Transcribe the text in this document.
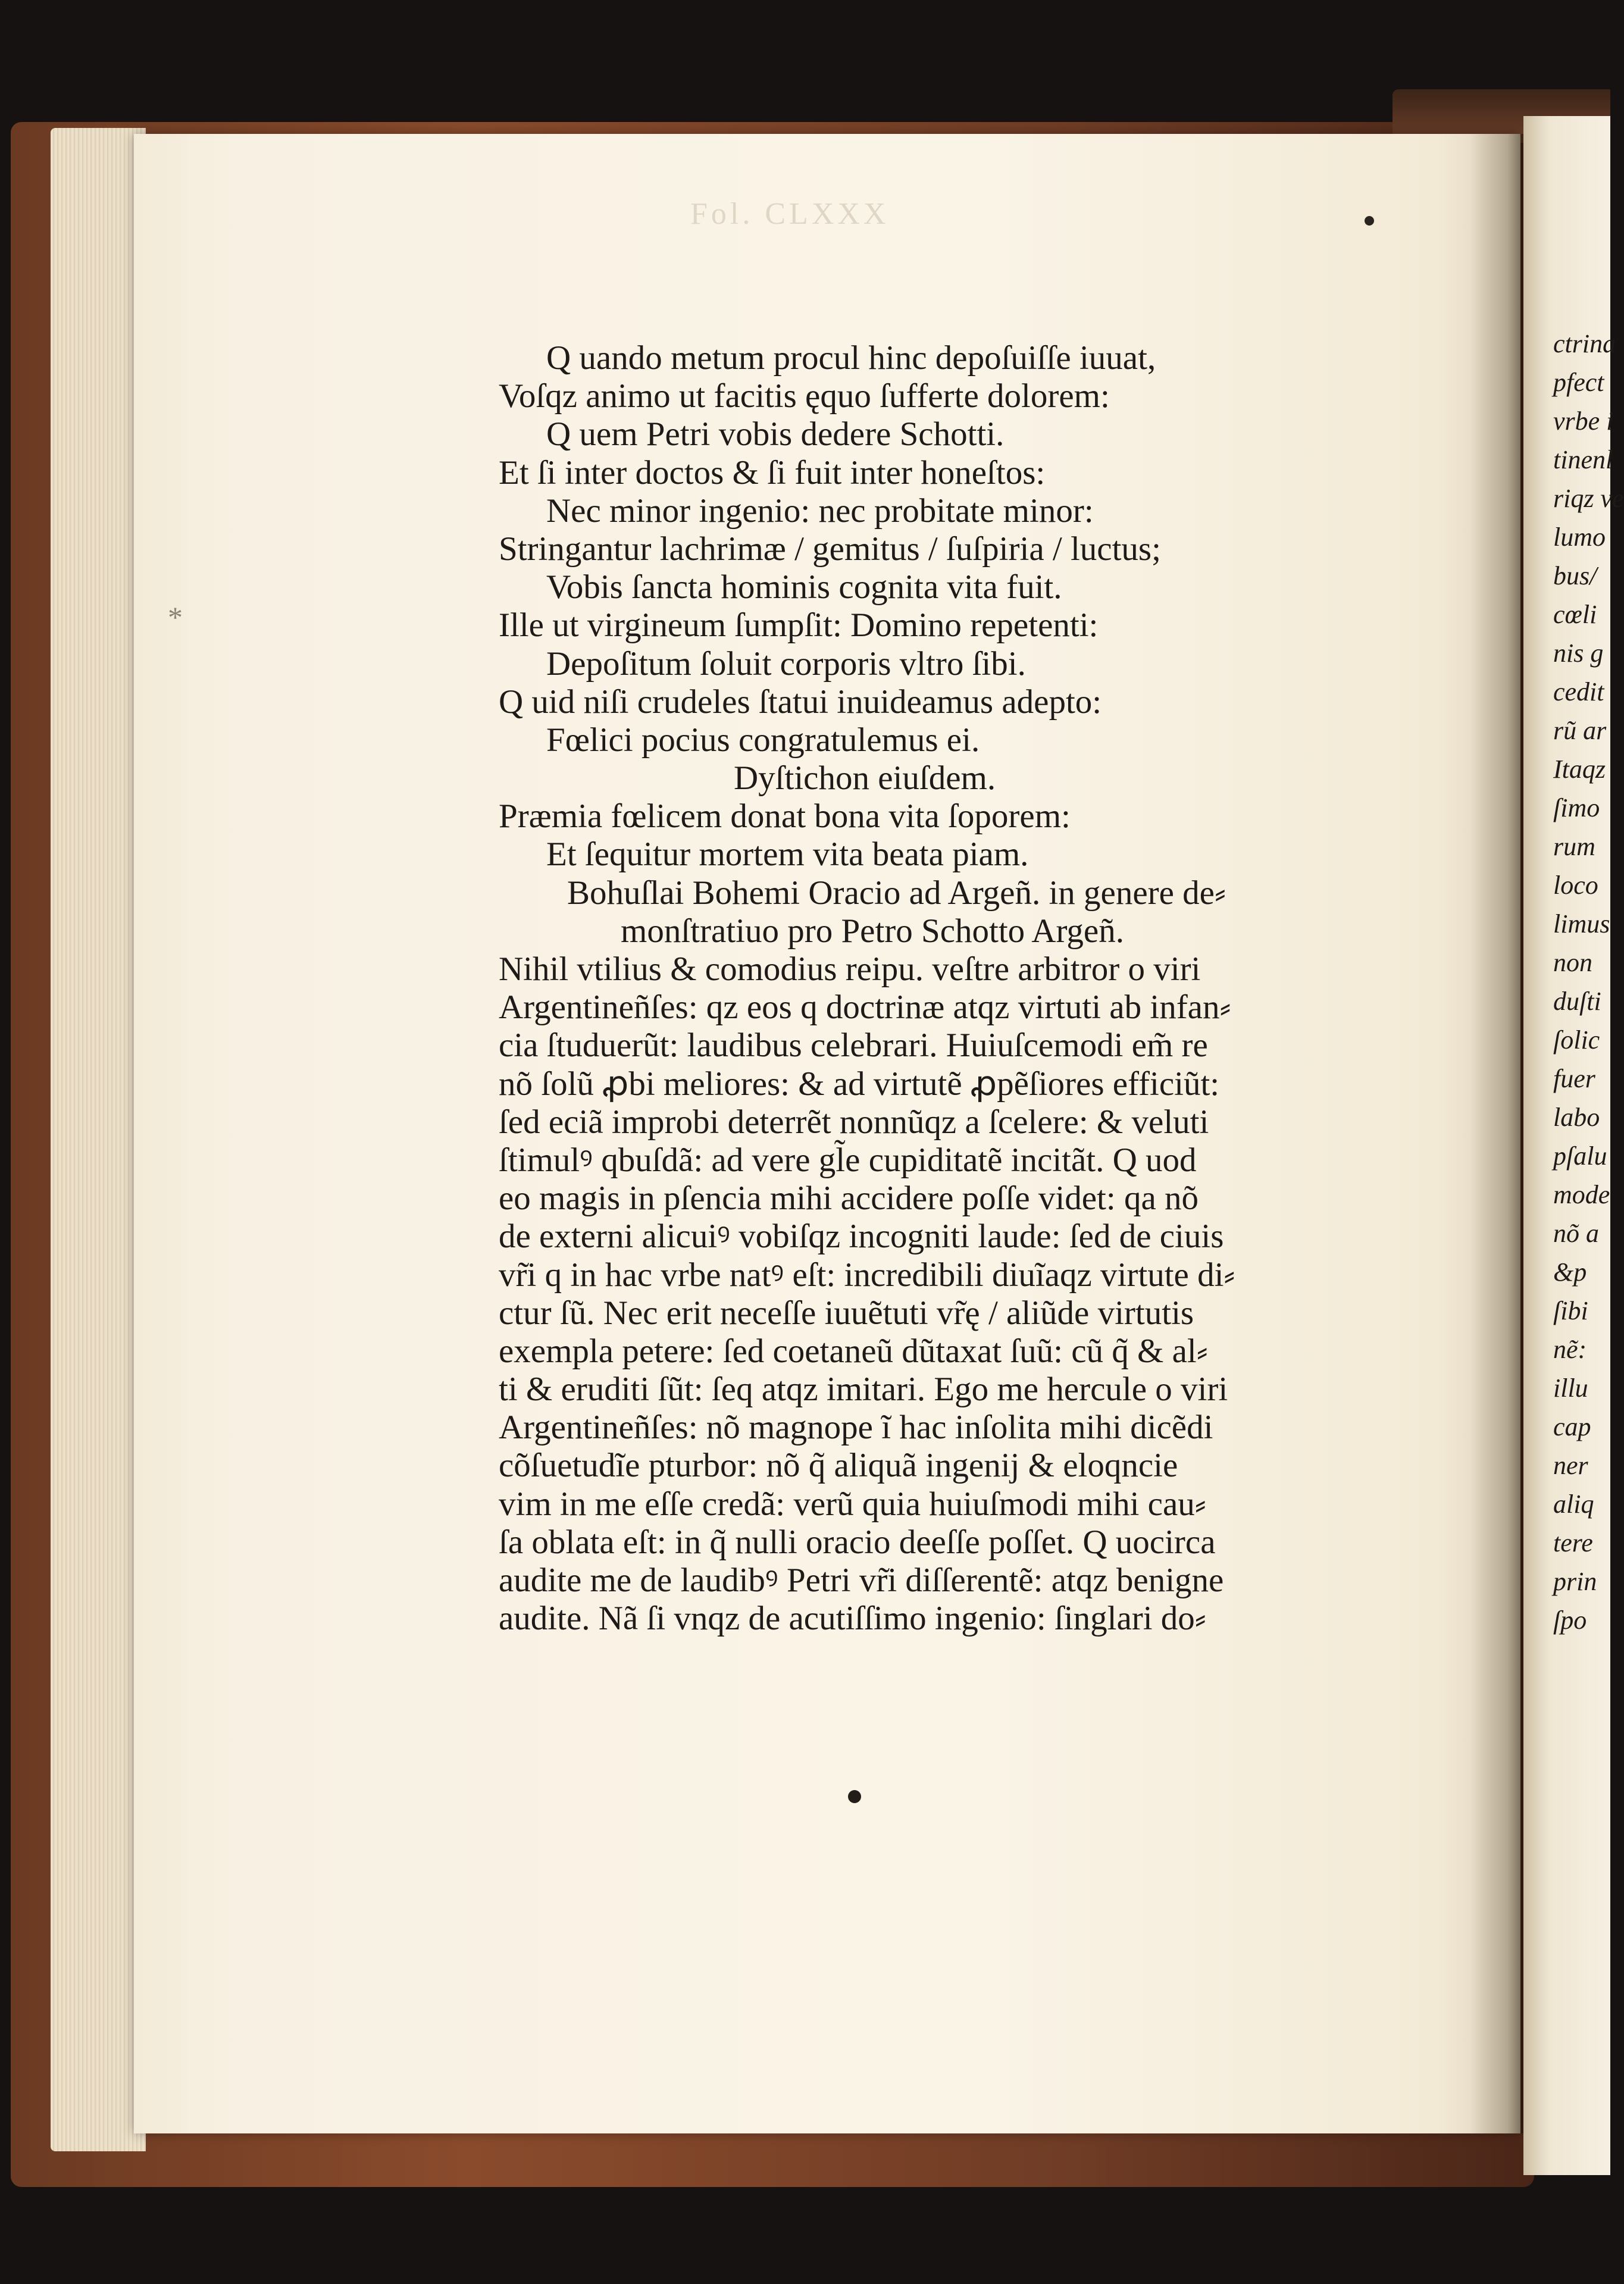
ctrina
pfect
vrbe i
tinenl
riqz ve
lumo
bus/
cœli
nis g
cedit
rũ ar
Itaqz
ſimo
rum
loco
limus
non
duſti
ſolic
fuer
labo
pſalu
mode
nõ a
&p
ſibi
nẽ:
illu
cap
ner
aliq
tere
prin
ſpo
Fol. CLXXX
*
Q uando metum procul hinc depoſuiſſe iuuat,
Voſqz animo ut facitis ęquo ſufferte dolorem:
Q uem Petri vobis dedere Schotti.
Et ſi inter doctos & ſi fuit inter honeſtos:
Nec minor ingenio: nec probitate minor:
Stringantur lachrimæ / gemitus / ſuſpiria / luctus;
Vobis ſancta hominis cognita vita fuit.
Ille ut virgineum ſumpſit: Domino repetenti:
Depoſitum ſoluit corporis vltro ſibi.
Q uid niſi crudeles ſtatui inuideamus adepto:
Fœlici pocius congratulemus ei.
Dyſtichon eiuſdem.
Præmia fœlicem donat bona vita ſoporem:
Et ſequitur mortem vita beata piam.
Bohuſlai Bohemi Oracio ad Argeñ. in genere de⸗
monſtratiuo pro Petro Schotto Argeñ.
Nihil vtilius & comodius reipu. veſtre arbitror o viri
Argentineñſes: qz eos q doctrinæ atqz virtuti ab infan⸗
cia ſtuduerũt: laudibus celebrari. Huiuſcemodi em̃ re
nõ ſolũ ꝓbi meliores: & ad virtutẽ ꝓpẽſiores efficiũt:
ſed eciã improbi deterrẽt nonnũqz a ſcelere: & veluti
ſtimulꝰ qbuſdã: ad vere gl̃e cupiditatẽ incitãt. Q uod
eo magis in pſencia mihi accidere poſſe videt: qa nõ
de externi alicuiꝰ vobiſqz incogniti laude: ſed de ciuis
vr̃i q in hac vrbe natꝰ eſt: incredibili diuĩaqz virtute di⸗
ctur ſũ. Nec erit neceſſe iuuẽtuti vr̃ę / aliũde virtutis
exempla petere: ſed coetaneũ dũtaxat ſuũ: cũ q̃ & al⸗
ti & eruditi ſũt: ſeq atqz imitari. Ego me hercule o viri
Argentineñſes: nõ magnope ĩ hac inſolita mihi dicẽdi
cõſuetudĩe pturbor: nõ q̃ aliquã ingenij & eloqncie
vim in me eſſe credã: verũ quia huiuſmodi mihi cau⸗
ſa oblata eſt: in q̃ nulli oracio deeſſe poſſet. Q uocirca
audite me de laudibꝰ Petri vr̃i diſſerentẽ: atqz benigne
audite. Nã ſi vnqz de acutiſſimo ingenio: ſinglari do⸗
